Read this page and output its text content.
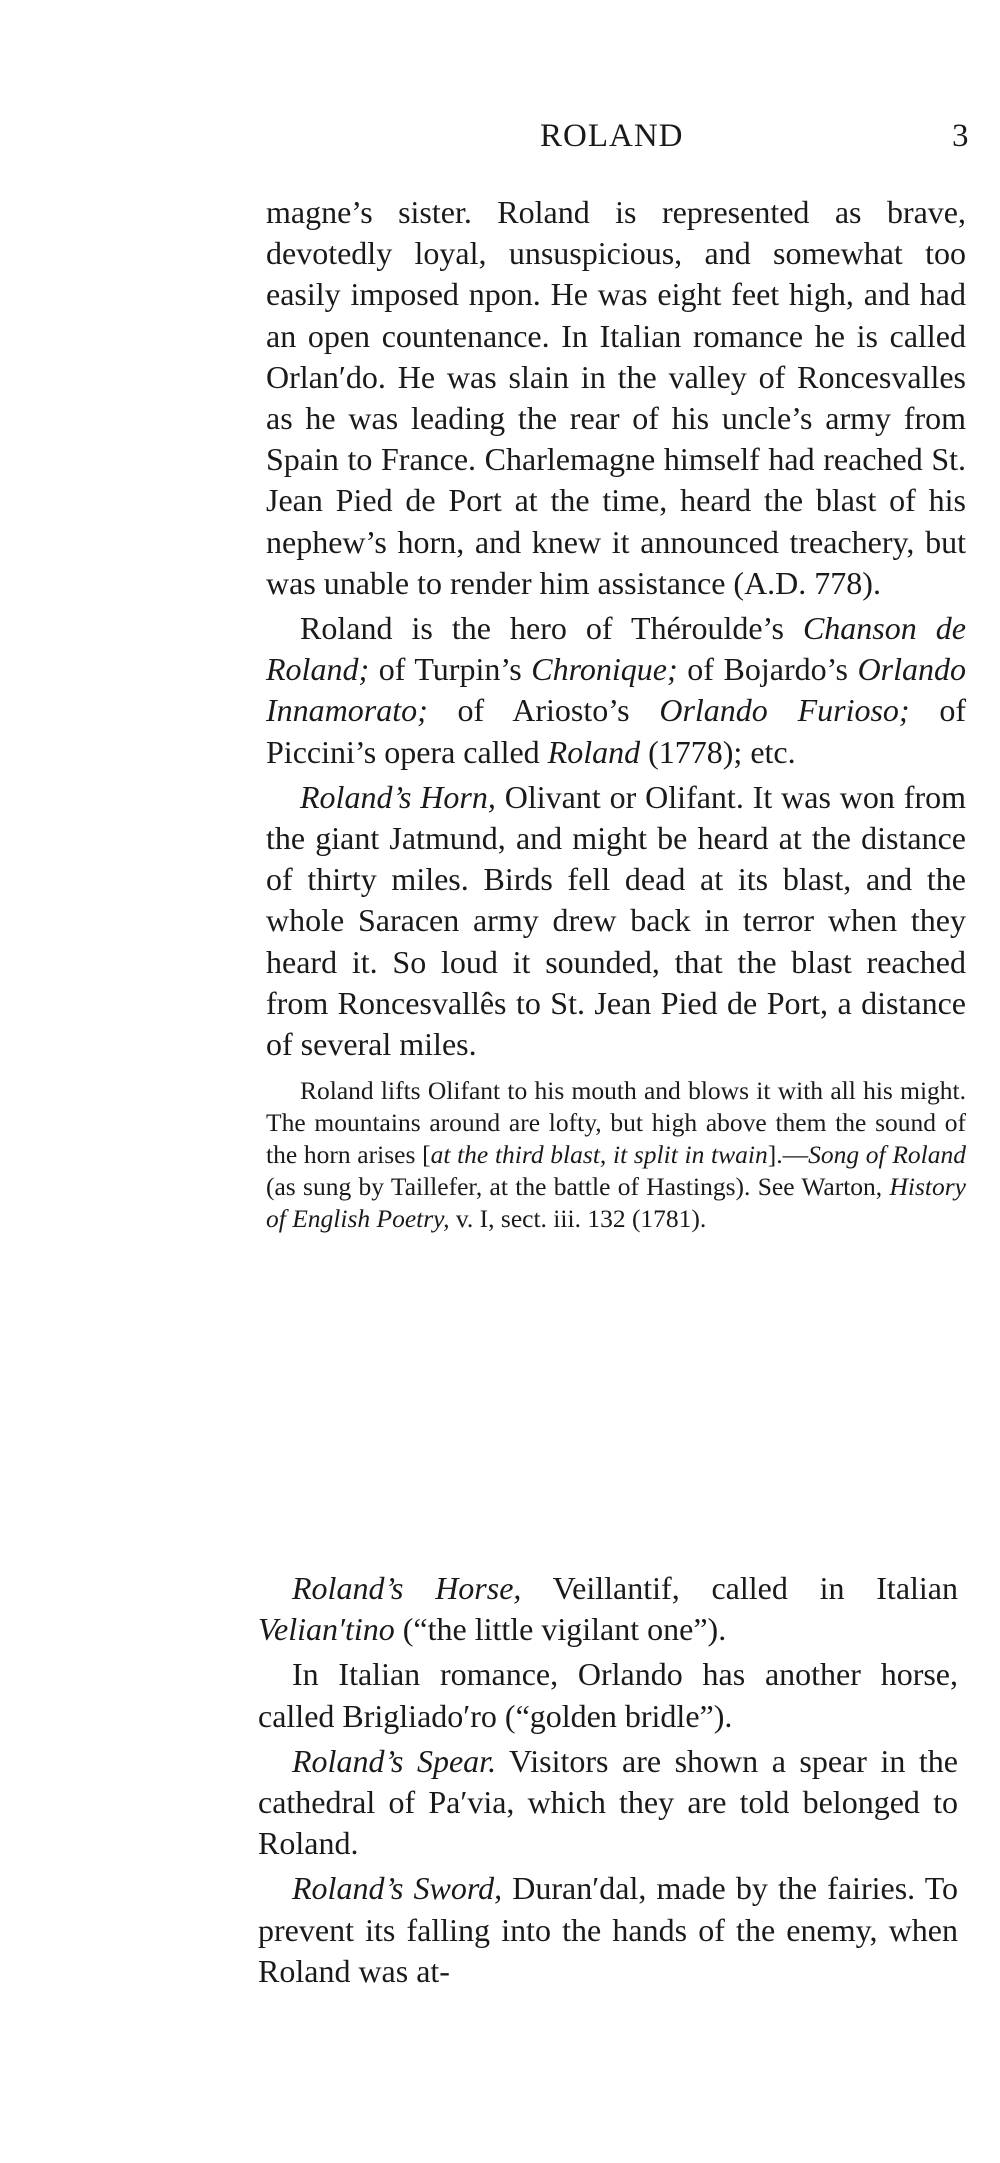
ROLAND	3

magne’s sister. Roland is represented as brave, devotedly loyal, unsuspicious, and somewhat too easily imposed npon. He was eight feet high, and had an open countenance. In Italian romance he is called Orlan′do. He was slain in the valley of Roncesvalles as he was leading the rear of his uncle’s army from Spain to France. Charlemagne himself had reached St. Jean Pied de Port at the time, heard the blast of his nephew’s horn, and knew it announced treachery, but was unable to render him assistance (A.D. 778).

Roland is the hero of Théroulde’s Chanson de Roland; of Turpin’s Chronique; of Bojardo’s Orlando Innamorato; of Ariosto’s Orlando Furioso; of Piccini’s opera called Roland (1778); etc.

Roland’s Horn, Olivant or Olifant. It was won from the giant Jatmund, and might be heard at the distance of thirty miles. Birds fell dead at its blast, and the whole Saracen army drew back in terror when they heard it. So loud it sounded, that the blast reached from Roncesvallês to St. Jean Pied de Port, a distance of several miles.

Roland lifts Olifant to his mouth and blows it with all his might. The mountains around are lofty, but high above them the sound of the horn arises [at the third blast, it split in twain].—Song of Roland (as sung by Taillefer, at the battle of Hastings). See Warton, History of English Poetry, v. I, sect. iii. 132 (1781).

Roland’s Horse, Veillantif, called in Italian Velian′tino (“the little vigilant one”).

In Italian romance, Orlando has another horse, called Brigliado′ro (“golden bridle”).

Roland’s Spear. Visitors are shown a spear in the cathedral of Pa′via, which they are told belonged to Roland.

Roland’s Sword, Duran′dal, made by the fairies. To prevent its falling into the hands of the enemy, when Roland was at-
